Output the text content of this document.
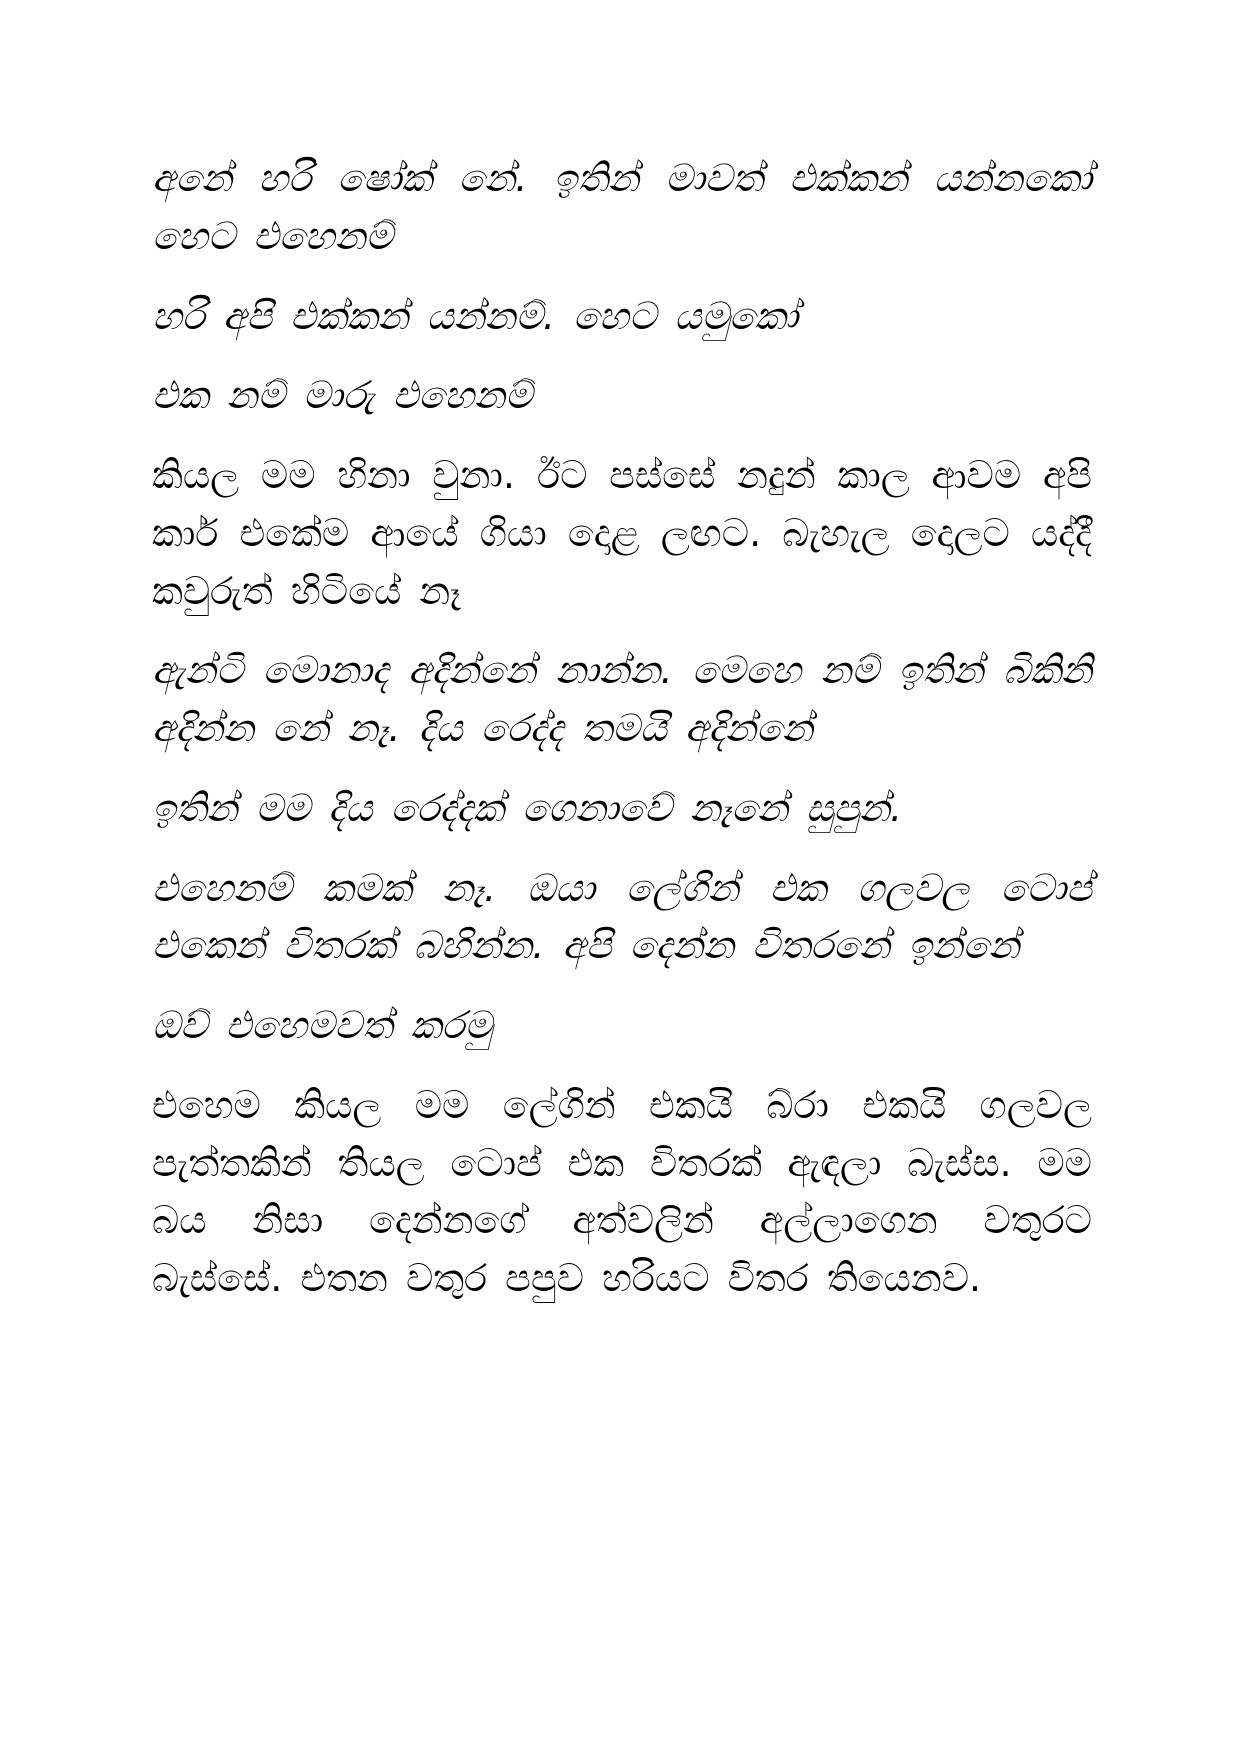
අනේ හරි ෂෝක් නේ. ඉතින් මාවත් එක්කන් යන්නකෝ හෙට එහෙනම්

හරි අපි එක්කන් යන්නම්. හෙට යමුකෝ

එක නම් මාරු එහෙනම්

කියල මම හිනා වුනා. ඊට පස්සේ නදුන් කාල ආවම අපි කාර් එකේම ආයේ ගියා දොළ ලඟට. බැහැල දොලට යද්දී කවුරුත් හිටියේ නෑ

ඇන්ටි මොනාද අදින්නේ නාන්න. මෙහෙ නම් ඉතින් බිකිනි අදින්න නේ නෑ. දිය රෙද්ද තමයි අදින්නේ

ඉතින් මම දිය රෙද්දක් ගෙනාවේ නෑනේ සුපුන්.

එහෙනම් කමක් නෑ. ඔයා ලේගින් එක ගලවල ටොප් එකෙන් විතරක් බහින්න. අපි දෙන්න විතරනේ ඉන්නේ

ඔව් එහෙමවත් කරමු

එහෙම කියල මම ලේගින් එකයි බ්රා එකයි ගලවල පැත්තකින් තියල ටොප් එක විතරක් ඇඳලා බැස්ස. මම බය නිසා දෙන්නගේ අත්වලින් අල්ලාගෙන වතුරට බැස්සේ. එතන වතුර පපුව හරියට විතර තියෙනව.
